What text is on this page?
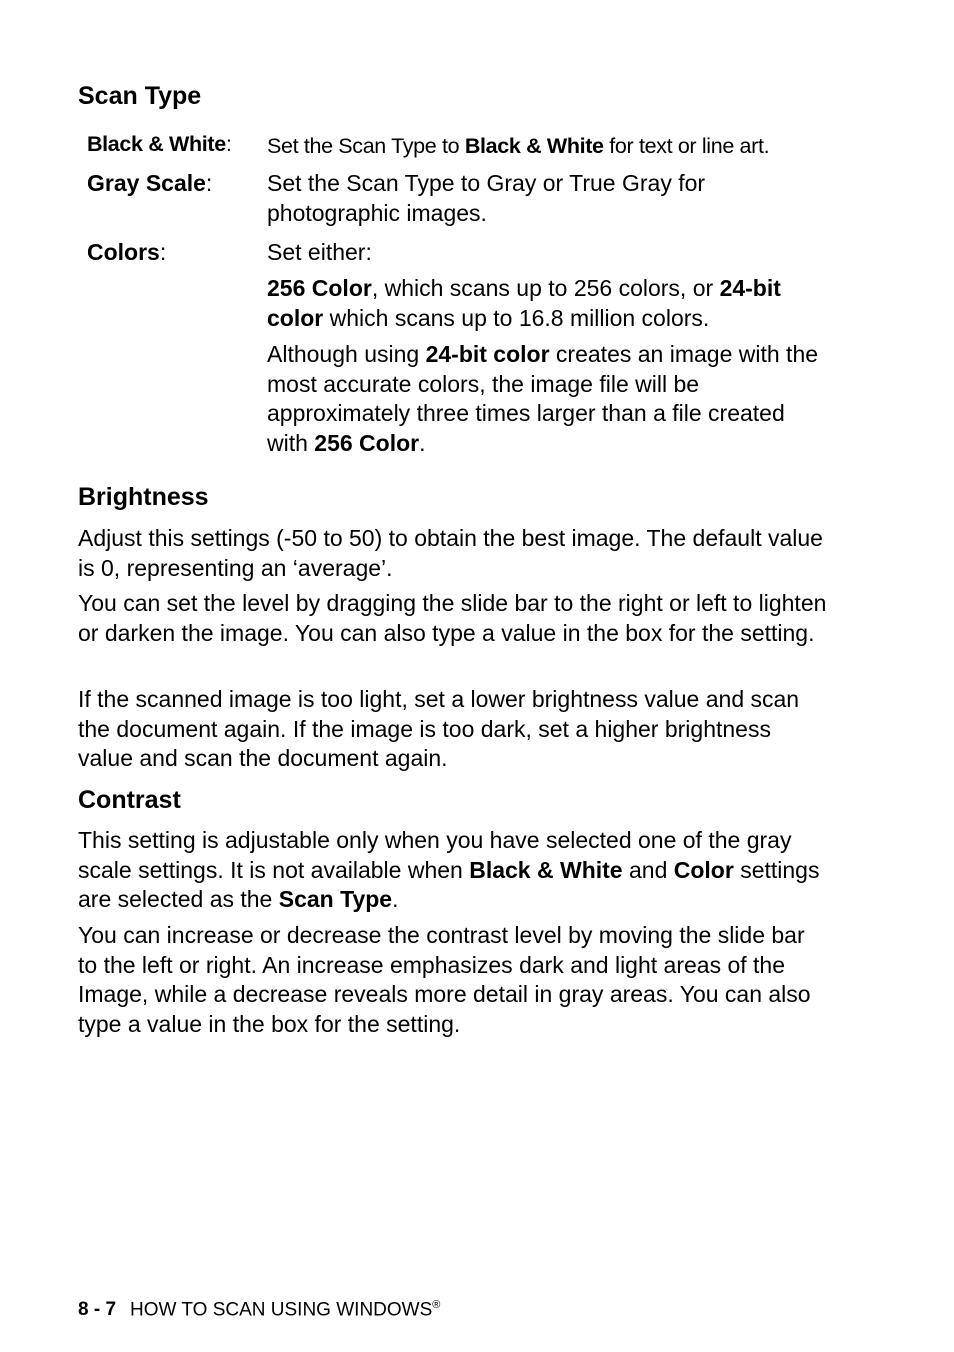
Scan Type
Black & White: Set the Scan Type to Black & White for text or line art.
Gray Scale: Set the Scan Type to Gray or True Gray for photographic images.
Colors:	Set either:
256 Color, which scans up to 256 colors, or 24-bit color which scans up to 16.8 million colors.
Although using 24-bit color creates an image with the most accurate colors, the image file will be approximately three times larger than a file created with 256 Color.
Brightness

Adjust this settings (-50 to 50) to obtain the best image. The default value is 0, representing an ‘average’.

You can set the level by dragging the slide bar to the right or left to lighten or darken the image. You can also type a value in the box for the setting.

If the scanned image is too light, set a lower brightness value and scan the document again. If the image is too dark, set a higher brightness value and scan the document again.

Contrast

This setting is adjustable only when you have selected one of the gray scale settings. It is not available when Black & White and Color settings are selected as the Scan Type.

You can increase or decrease the contrast level by moving the slide bar to the left or right. An increase emphasizes dark and light areas of the Image, while a decrease reveals more detail in gray areas. You can also type a value in the box for the setting.

8 - 7 HOW TO SCAN USING WINDOWS®
